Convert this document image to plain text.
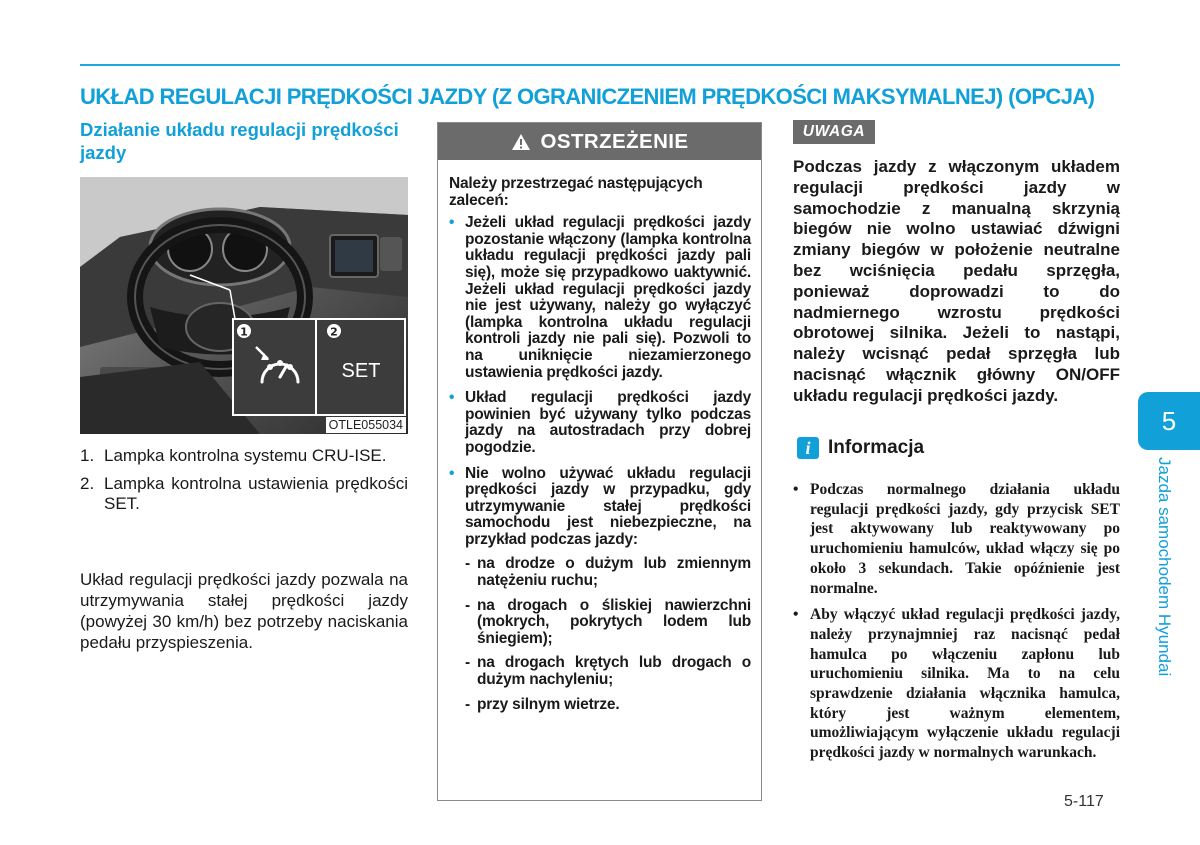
UKŁAD REGULACJI PRĘDKOŚCI JAZDY (Z OGRANICZENIEM PRĘDKOŚCI MAKSYMALNEJ) (OPCJA)
Działanie układu regulacji prędkości jazdy
1	2
SET
OTLE055034
1. Lampka kontrolna systemu CRU-ISE.
2. Lampka kontrolna ustawienia prędkości SET.
Układ regulacji prędkości jazdy pozwala na utrzymywania stałej prędkości jazdy (powyżej 30 km/h) bez potrzeby naciskania pedału przyspieszenia.
OSTRZEŻENIE

Należy przestrzegać następujących zaleceń:

• Jeżeli układ regulacji prędkości jazdy pozostanie włączony (lampka kontrolna układu regulacji prędkości jazdy pali się), może się przypadkowo uaktywnić. Jeżeli układ regulacji prędkości jazdy nie jest używany, należy go wyłączyć (lampka kontrolna układu regulacji kontroli jazdy nie pali się). Pozwoli to na uniknięcie niezamierzonego ustawienia prędkości jazdy.
• Układ regulacji prędkości jazdy powinien być używany tylko podczas jazdy na autostradach przy dobrej pogodzie.
• Nie wolno używać układu regulacji prędkości jazdy w przypadku, gdy utrzymywanie stałej prędkości samochodu jest niebezpieczne, na przykład podczas jazdy:
- na drodze o dużym lub zmiennym natężeniu ruchu;
- na drogach o śliskiej nawierzchni (mokrych, pokrytych lodem lub śniegiem);
- na drogach krętych lub drogach o dużym nachyleniu;
- przy silnym wietrze.
UWAGA
Podczas jazdy z włączonym układem regulacji prędkości jazdy w samochodzie z manualną skrzynią biegów nie wolno ustawiać dźwigni zmiany biegów w położenie neutralne bez wciśnięcia pedału sprzęgła, ponieważ doprowadzi to do nadmiernego wzrostu prędkości obrotowej silnika. Jeżeli to nastąpi, należy wcisnąć pedał sprzęgła lub nacisnąć włącznik główny ON/OFF układu regulacji prędkości jazdy.
i Informacja
• Podczas normalnego działania układu regulacji prędkości jazdy, gdy przycisk SET jest aktywowany lub reaktywowany po uruchomieniu hamulców, układ włączy się po około 3 sekundach. Takie opóźnienie jest normalne.
• Aby włączyć układ regulacji prędkości jazdy, należy przynajmniej raz nacisnąć pedał hamulca po włączeniu zapłonu lub uruchomieniu silnika. Ma to na celu sprawdzenie działania włącznika hamulca, który jest ważnym elementem, umożliwiającym wyłączenie układu regulacji prędkości jazdy w normalnych warunkach.
5-117
5
Jazda samochodem Hyundai
